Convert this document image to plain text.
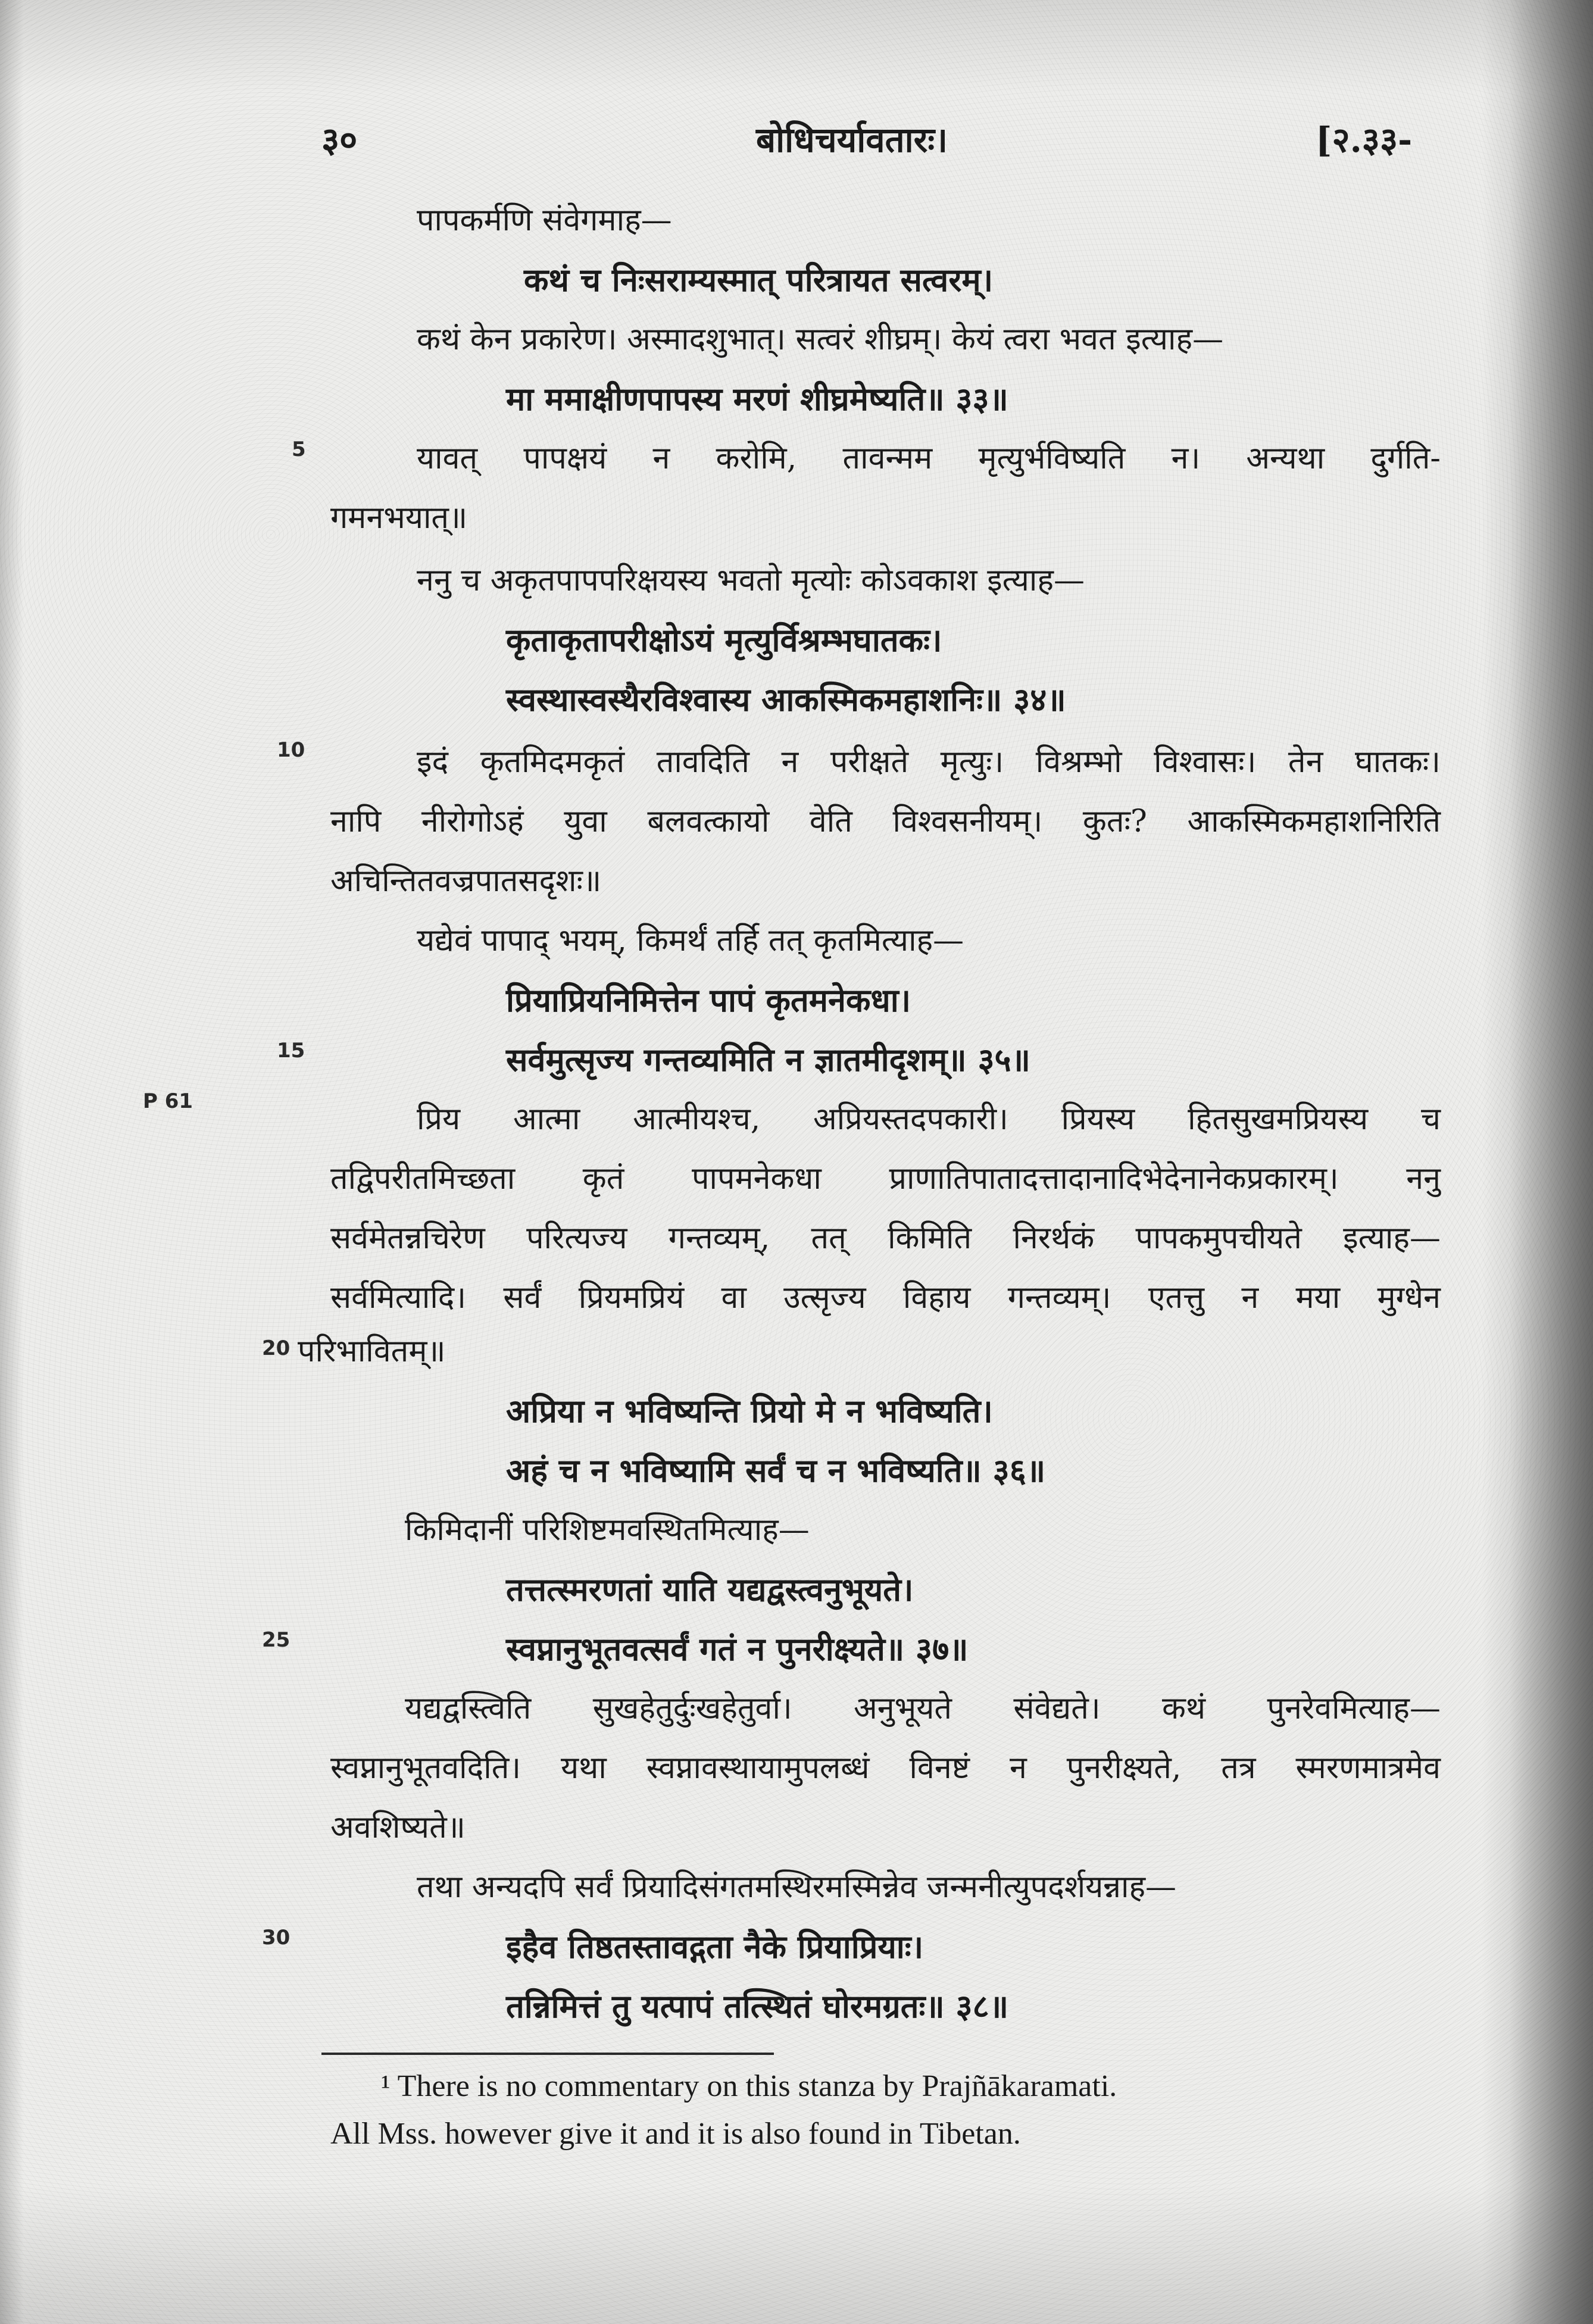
३०	बोधिचर्यावतारः।	[२.३३-
पापकर्मणि संवेगमाह—
कथं च निःसराम्यस्मात् परित्रायत सत्वरम्।
कथं केन प्रकारेण। अस्मादशुभात्। सत्वरं शीघ्रम्। केयं त्वरा भवत इत्याह—
मा ममाक्षीणपापस्य मरणं शीघ्रमेष्यति॥ ३३॥
5	यावत् पापक्षयं न करोमि, तावन्मम मृत्युर्भविष्यति न। अन्यथा दुर्गति-
गमनभयात्॥
ननु च अकृतपापपरिक्षयस्य भवतो मृत्योः कोऽवकाश इत्याह—
कृताकृतापरीक्षोऽयं मृत्युर्विश्रम्भघातकः।
स्वस्थास्वस्थैरविश्वास्य आकस्मिकमहाशनिः॥ ३४॥
10	इदं कृतमिदमकृतं तावदिति न परीक्षते मृत्युः। विश्रम्भो विश्वासः। तेन घातकः।
नापि नीरोगोऽहं युवा बलवत्कायो वेति विश्वसनीयम्। कुतः? आकस्मिकमहाशनिरिति
अचिन्तितवज्रपातसदृशः॥
यद्येवं पापाद् भयम्, किमर्थं तर्हि तत् कृतमित्याह—
प्रियाप्रियनिमित्तेन पापं कृतमनेकधा।
15	सर्वमुत्सृज्य गन्तव्यमिति न ज्ञातमीदृशम्॥ ३५॥
P 61	प्रिय आत्मा आत्मीयश्च, अप्रियस्तदपकारी। प्रियस्य हितसुखमप्रियस्य च
तद्विपरीतमिच्छता कृतं पापमनेकधा प्राणातिपातादत्तादानादिभेदेनानेकप्रकारम्। ननु
सर्वमेतन्नचिरेण परित्यज्य गन्तव्यम्, तत् किमिति निरर्थकं पापकमुपचीयते इत्याह—
सर्वमित्यादि। सर्वं प्रियमप्रियं वा उत्सृज्य विहाय गन्तव्यम्। एतत्तु न मया मुग्धेन
20 परिभावितम्॥
अप्रिया न भविष्यन्ति प्रियो मे न भविष्यति।
अहं च न भविष्यामि सर्वं च न भविष्यति॥ ३६॥
किमिदानीं परिशिष्टमवस्थितमित्याह—
तत्तत्स्मरणतां याति यद्यद्वस्त्वनुभूयते।
25	स्वप्नानुभूतवत्सर्वं गतं न पुनरीक्ष्यते॥ ३७॥
यद्यद्वस्त्विति सुखहेतुर्दुःखहेतुर्वा। अनुभूयते संवेद्यते। कथं पुनरेवमित्याह—
स्वप्नानुभूतवदिति। यथा स्वप्नावस्थायामुपलब्धं विनष्टं न पुनरीक्ष्यते, तत्र स्मरणमात्रमेव
अवशिष्यते॥
तथा अन्यदपि सर्वं प्रियादिसंगतमस्थिरमस्मिन्नेव जन्मनीत्युपदर्शयन्नाह—
30	इहैव तिष्ठतस्तावद्गता नैके प्रियाप्रियाः।
तन्निमित्तं तु यत्पापं तत्स्थितं घोरमग्रतः॥ ३८॥
¹ There is no commentary on this stanza by Prajñākaramati.
All Mss. however give it and it is also found in Tibetan.
